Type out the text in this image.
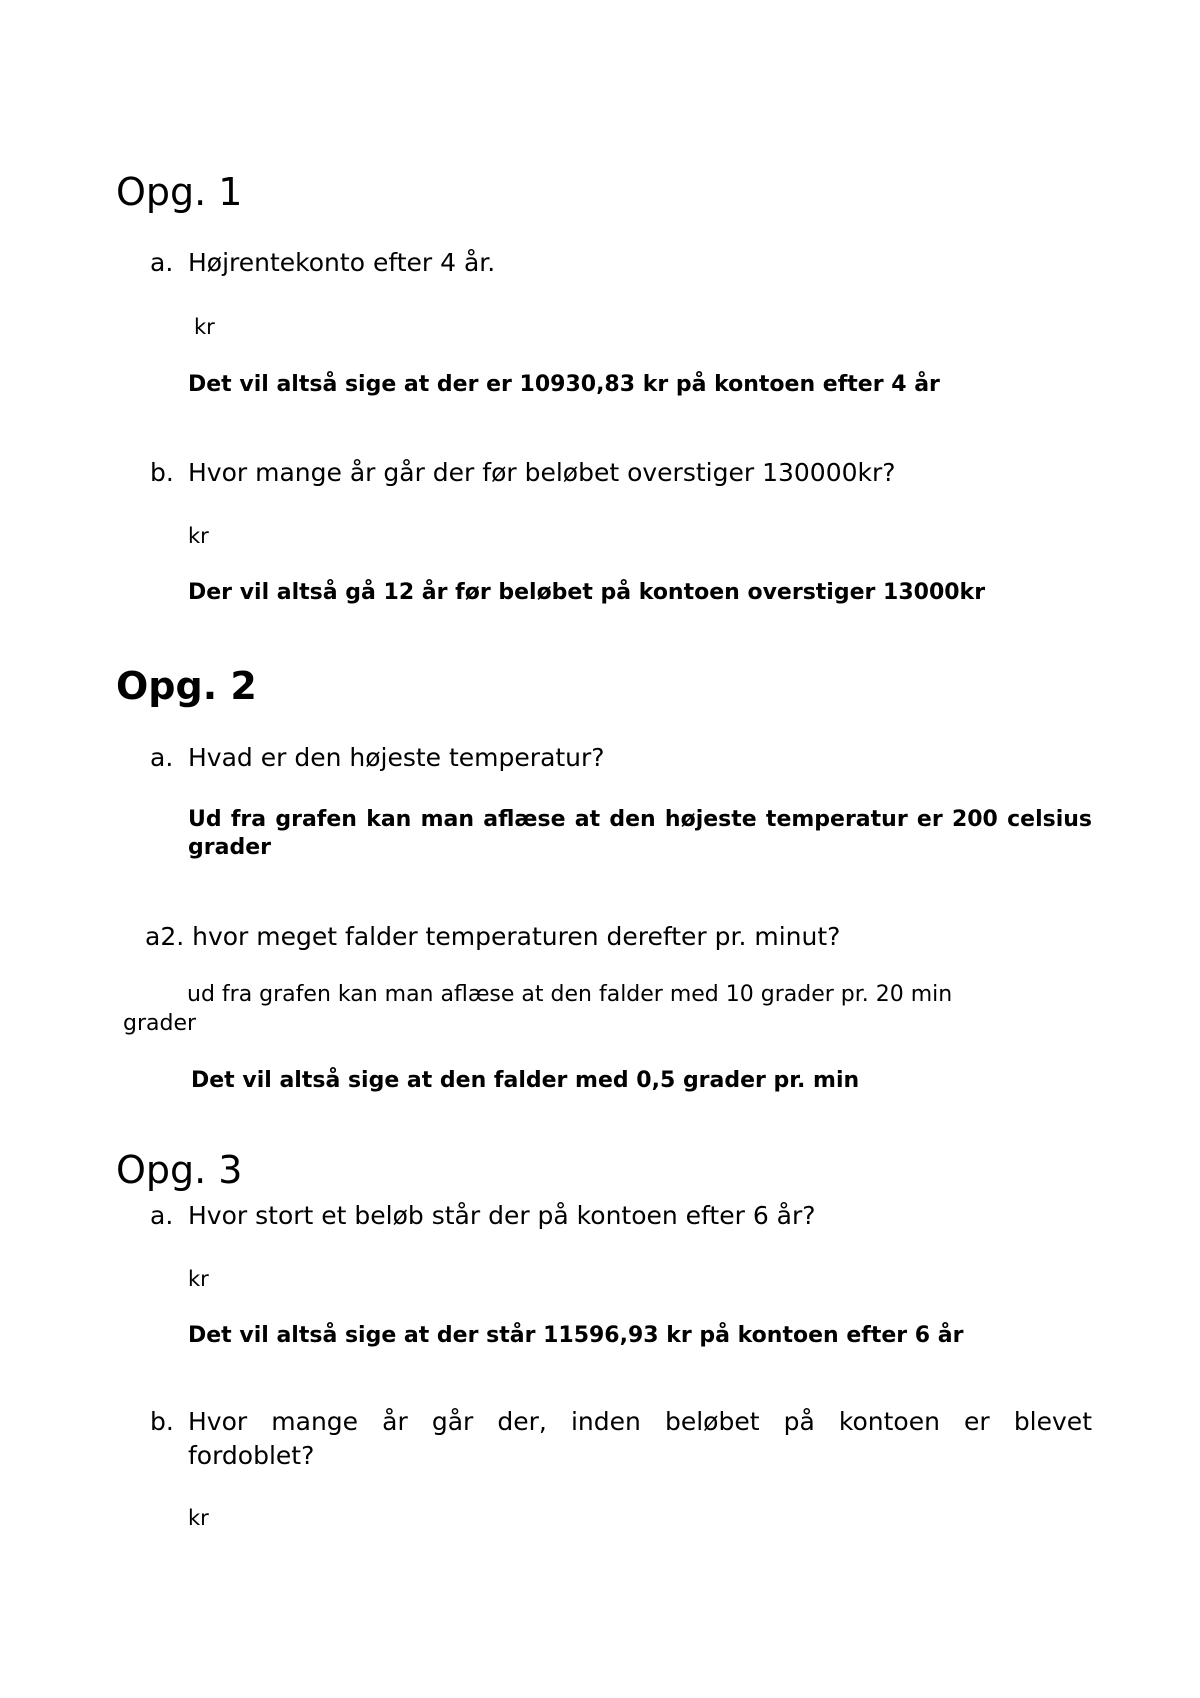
Opg. 1

a. Højrentekonto efter 4 år.

kr

Det vil altså sige at der er 10930,83 kr på kontoen efter 4 år

b. Hvor mange år går der før beløbet overstiger 130000kr?

kr

Der vil altså gå 12 år før beløbet på kontoen overstiger 13000kr

Opg. 2

a. Hvad er den højeste temperatur?

Ud fra grafen kan man aflæse at den højeste temperatur er 200 celsius grader

a2. hvor meget falder temperaturen derefter pr. minut?

ud fra grafen kan man aflæse at den falder med 10 grader pr. 20 min

grader

Det vil altså sige at den falder med 0,5 grader pr. min

Opg. 3

a. Hvor stort et beløb står der på kontoen efter 6 år?

kr

Det vil altså sige at der står 11596,93 kr på kontoen efter 6 år

b. Hvor mange år går der, inden beløbet på kontoen er blevet fordoblet?

kr
